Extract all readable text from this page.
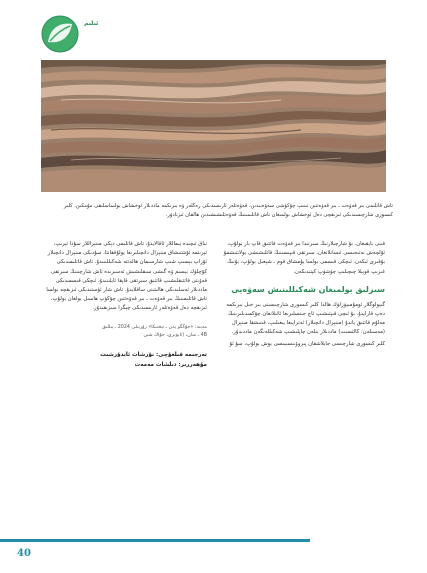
ئىلىم
تاش قاتلىمى بىر قەۋەت ـ بىر قەۋەتتىن تىنىپ چۆكۈشى سەۋەبىدىن، قەۋەتلەر ئارىسىدىكى رەڭلەر ۋە بىرىكمە ماددىلار ئوخشاش بولىماسلىقى مۇمكىن. كلىر كىسورى شارچىسىدىكى ئىزىقچى دەل ئوخشاش بولمىغان تاش قاتلىمىنىڭ قەۋەتلىشىشىدىن ھالقان ئىزنادۇر.

قىنى بايقىغان. بۇ شارچىلارنىڭ سىرتىدا بىر قەۋەت قاتتىق قاپ بار بولۇپ، ئۆلچەش نەتىجىسى ئىسانلانغان، سىرتقى قىپىسىنىڭ قاتلىشىشى يولانتىشمۇ بۇقىرى ئىكەن. ئىچكى قىسمى بولسا يۇمشاق قوم ـ شېغىل بولۇپ، بۇنىڭ غىرىپ قويىلا چىچىلىپ چۈشۈپ كېتىدىكەن.

سىرلىق بولمىغان شەكىللىنىش سەۋەبى

گىيولوگلار ئومۇمىيۈزلۈك ھالدا كلىر كىسورى شارچىسىنى بىر خىل بىرىكمە دەپ قارايدۇ. بۇ ئىچى قىپتىشىپ ئاچ جىنسلىرىغا ئائىلانغان چۆكمىدىلىرىنىڭ مەلۇم قاتتىق ياندۇ (مىنېرال دانچىلار) ئەتراپىغا يىغىلىپ، قىتىشقا مىنېرال (مەسىلەن: كالتسىت) ماددىلار بىلەن چاپلىشىپ شەكىللەنگەن ماددىدۇر.

كلىر كىسورى شارچىسى جايلاشقان پىروۋىنسىيىسى بوش بولۇپ، سۇ ئۆ

نىاق ئىچىدە يىماللار ئاقالايدۇ، تاش قاتلىمى دېكى مىنېراللار سۇدا ئېرىپ، ئېرىتمە ئۆشتىشاق مىنېرال دانچىلىرىغا يولۇققانتا، سۇدىكى مىنېرال دانچىلار ئۇراپ بېسىپ شىپ شارسىمان ھالەتتە شەكىللىنىدۇ. تاش قاتلىمىدىكى كۆچلۈك بېسىم ۋە گىشى سىقلىشىش تەسىرىدە تاش شارچىنىڭ سىرتقى قەۋىتى قاتتىقلىشىپ قاتتىق سىرتقى قاپقا ئايلىنىدۇ، ئىچكى قىسمىدىكى ماددىلار ئەسلىدىكى ھالىتىنى ساقلايدۇ. تاش شار ئۈستىدىكى ئىزىقچە بولسا تاش قاتلىمىنىڭ بىر قەۋەت ـ بىر قەۋەتتىن چۆكۈپ ھاسىل بولغان بولۇپ، ئىزىقچە دەل قەۋەتلەر ئارىسىدىكى چېگرا سىزىقىدۇر.

مەنبە: «جۇڭگو پەن ـ تېخنىكا» زۇرنىلى 2024 ـ يىللىق
4B ـ سان، (ئايۋىرى، جۇاڭ شىن
تەرجىمە قىلغۇچى: نۇرشات ئابدۇرشىت
مۇھەررىر: دىلشات مەمەت
40
